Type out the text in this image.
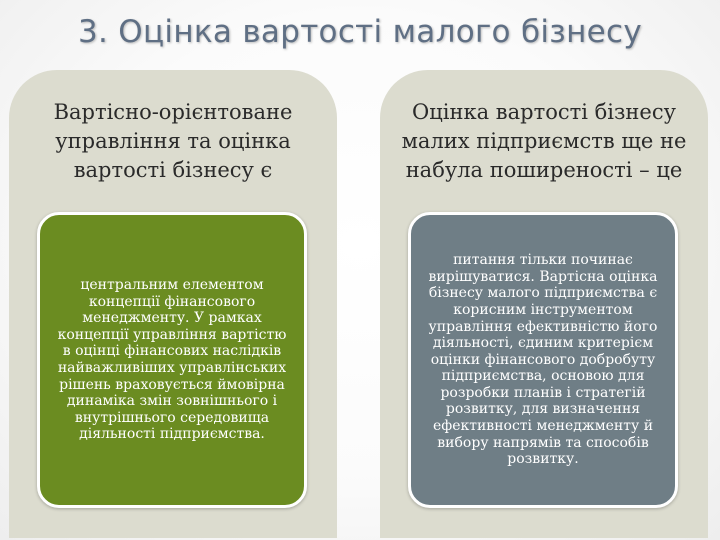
3. Оцінка вартості малого бізнесу
Вартісно-орієнтоване
управління та оцінка
вартості бізнесу є
центральним елементом
концепції фінансового
менеджменту. У рамках
концепції управління вартістю
в оцінці фінансових наслідків
найважливіших управлінських
рішень враховується ймовірна
динаміка змін зовнішнього і
внутрішнього середовища
діяльності підприємства.
Оцінка вартості бізнесу
малих підприємств ще не
набула поширеності – це
питання тільки починає
вирішуватися. Вартісна оцінка
бізнесу малого підприємства є
корисним інструментом
управління ефективністю його
діяльності, єдиним критерієм
оцінки фінансового добробуту
підприємства, основою для
розробки планів і стратегій
розвитку, для визначення
ефективності менеджменту й
вибору напрямів та способів
розвитку.
